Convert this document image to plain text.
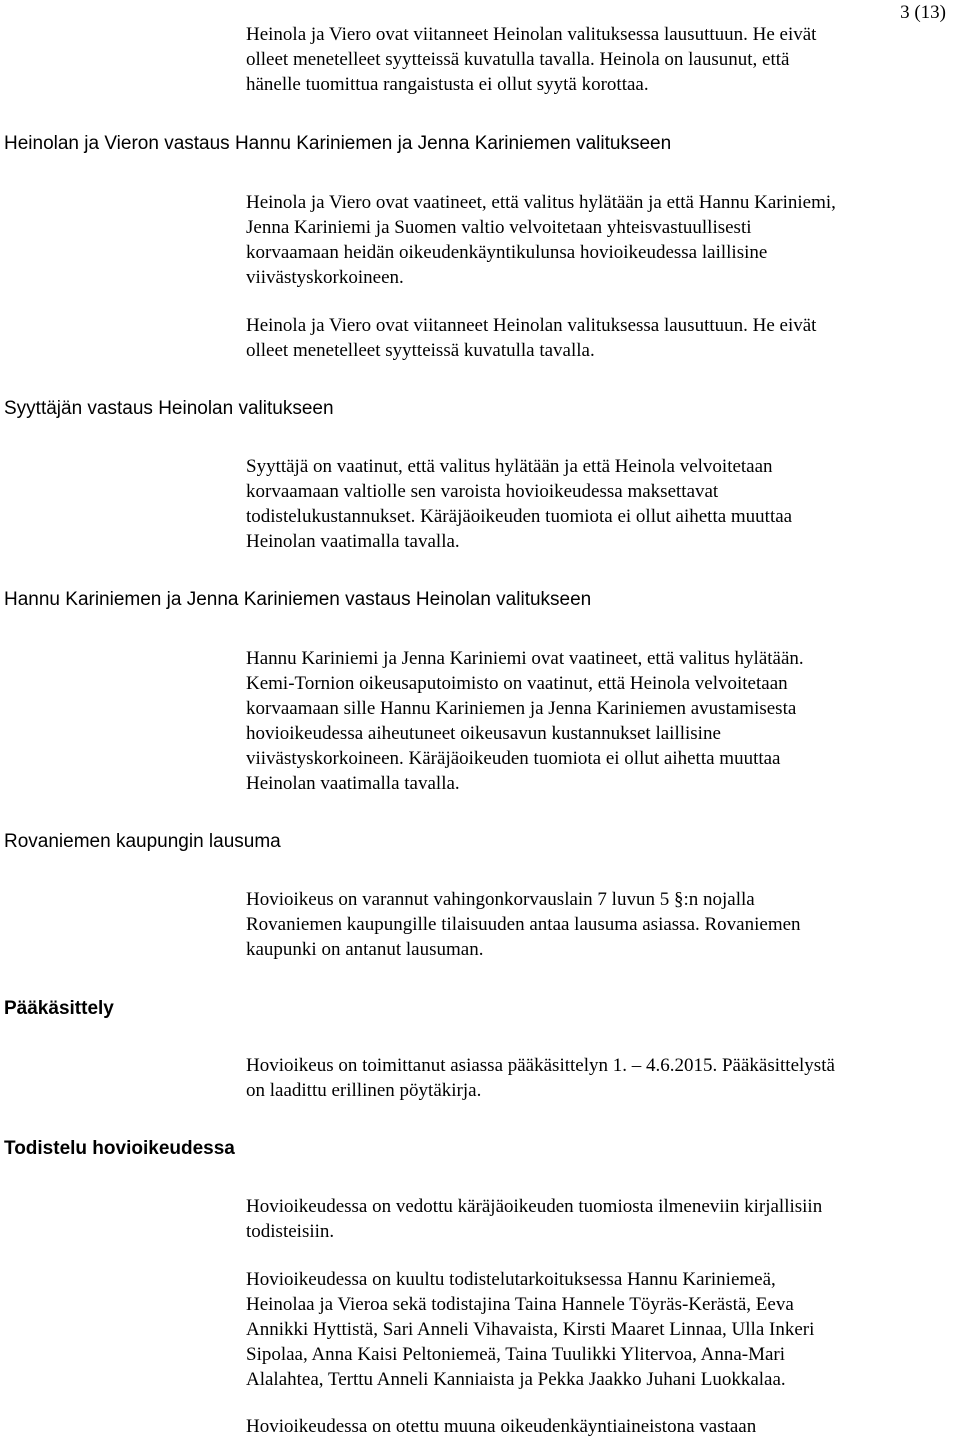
3 (13)
Heinola ja Viero ovat viitanneet Heinolan valituksessa lausuttuun. He eivät
olleet menetelleet syytteissä kuvatulla tavalla. Heinola on lausunut, että
hänelle tuomittua rangaistusta ei ollut syytä korottaa.
Heinolan ja Vieron vastaus Hannu Kariniemen ja Jenna Kariniemen valitukseen
Heinola ja Viero ovat vaatineet, että valitus hylätään ja että Hannu Kariniemi,
Jenna Kariniemi ja Suomen valtio velvoitetaan yhteisvastuullisesti
korvaamaan heidän oikeudenkäyntikulunsa hovioikeudessa laillisine
viivästyskorkoineen.
Heinola ja Viero ovat viitanneet Heinolan valituksessa lausuttuun. He eivät
olleet menetelleet syytteissä kuvatulla tavalla.
Syyttäjän vastaus Heinolan valitukseen
Syyttäjä on vaatinut, että valitus hylätään ja että Heinola velvoitetaan
korvaamaan valtiolle sen varoista hovioikeudessa maksettavat
todistelukustannukset. Käräjäoikeuden tuomiota ei ollut aihetta muuttaa
Heinolan vaatimalla tavalla.
Hannu Kariniemen ja Jenna Kariniemen vastaus Heinolan valitukseen
Hannu Kariniemi ja Jenna Kariniemi ovat vaatineet, että valitus hylätään.
Kemi-Tornion oikeusaputoimisto on vaatinut, että Heinola velvoitetaan
korvaamaan sille Hannu Kariniemen ja Jenna Kariniemen avustamisesta
hovioikeudessa aiheutuneet oikeusavun kustannukset laillisine
viivästyskorkoineen. Käräjäoikeuden tuomiota ei ollut aihetta muuttaa
Heinolan vaatimalla tavalla.
Rovaniemen kaupungin lausuma
Hovioikeus on varannut vahingonkorvauslain 7 luvun 5 §:n nojalla
Rovaniemen kaupungille tilaisuuden antaa lausuma asiassa. Rovaniemen
kaupunki on antanut lausuman.
Pääkäsittely
Hovioikeus on toimittanut asiassa pääkäsittelyn 1. – 4.6.2015. Pääkäsittelystä
on laadittu erillinen pöytäkirja.
Todistelu hovioikeudessa
Hovioikeudessa on vedottu käräjäoikeuden tuomiosta ilmeneviin kirjallisiin
todisteisiin.
Hovioikeudessa on kuultu todistelutarkoituksessa Hannu Kariniemeä,
Heinolaa ja Vieroa sekä todistajina Taina Hannele Töyräs-Kerästä, Eeva
Annikki Hyttistä, Sari Anneli Vihavaista, Kirsti Maaret Linnaa, Ulla Inkeri
Sipolaa, Anna Kaisi Peltoniemeä, Taina Tuulikki Ylitervoa, Anna-Mari
Alalahtea, Terttu Anneli Kanniaista ja Pekka Jaakko Juhani Luokkalaa.
Hovioikeudessa on otettu muuna oikeudenkäyntiaineistona vastaan
